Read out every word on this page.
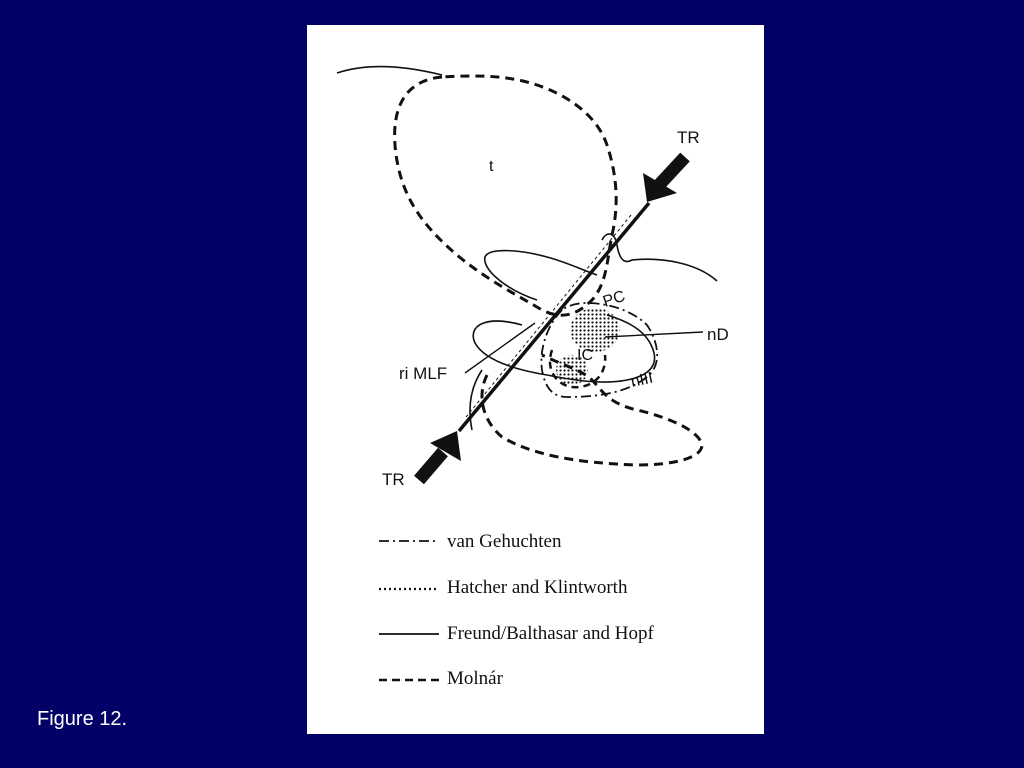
TR
TR
t
PC
IC
nD
nIII
ri MLF
van Gehuchten
Hatcher and Klintworth
Freund/Balthasar and Hopf
Molnár
Figure 12.
